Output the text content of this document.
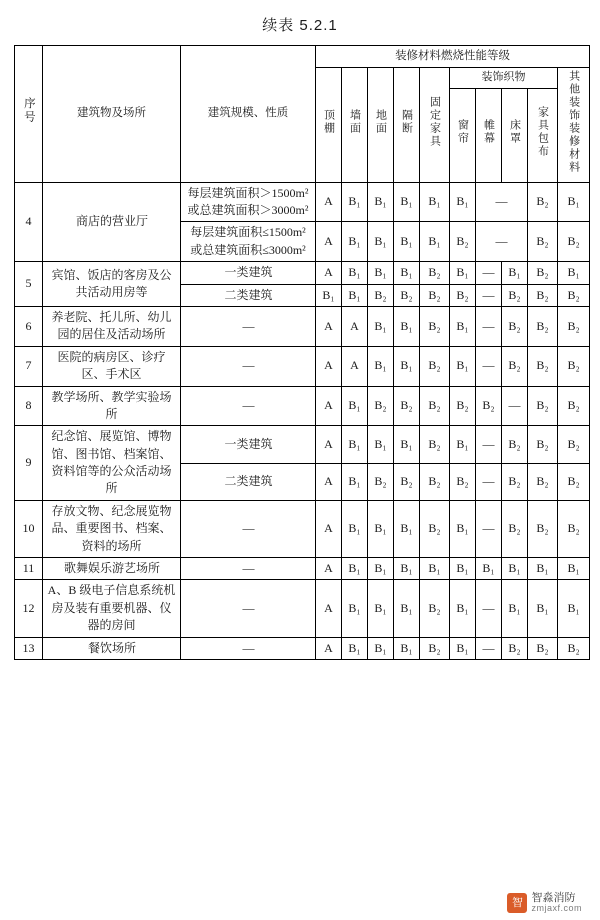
续表 5.2.1
序号	建筑物及场所	建筑规模、性质	装修材料燃烧性能等级									
			顶棚	墙面	地面	隔断	固定家具	装饰织物				其他装饰装修材料
								窗帘	帷幕	床罩	家具包布	

4	商店的营业厅	每层建筑面积＞1500m² 或总建筑面积＞3000m²	A	B₁	B₁	B₁	B₁	B₁	—		B₂	B₁
		每层建筑面积≤1500m² 或总建筑面积≤3000m²	A	B₁	B₁	B₁	B₁	B₂	—		B₂	B₂
5	宾馆、饭店的客房及公共活动用房等	一类建筑	A	B₁	B₁	B₁	B₂	B₁	—	B₁	B₂	B₁
		二类建筑	B₁	B₁	B₂	B₂	B₂	B₂	—	B₂	B₂	B₂
6	养老院、托儿所、幼儿园的居住及活动场所	—	A	A	B₁	B₁	B₂	B₁	—	B₂	B₂	B₂
7	医院的病房区、诊疗区、手术区	—	A	A	B₁	B₁	B₂	B₁	—	B₂	B₂	B₂
8	教学场所、教学实验场所	—	A	B₁	B₂	B₂	B₂	B₂	B₂	—	B₂	B₂
9	纪念馆、展览馆、博物馆、图书馆、档案馆、资料馆等的公众活动场所	一类建筑	A	B₁	B₁	B₁	B₂	B₁	—	B₂	B₂	B₂
		二类建筑	A	B₁	B₂	B₂	B₂	B₂	—	B₂	B₂	B₂
10	存放文物、纪念展览物品、重要图书、档案、资料的场所	—	A	B₁	B₁	B₁	B₂	B₁	—	B₂	B₂	B₂
11	歌舞娱乐游艺场所	—	A	B₁	B₁	B₁	B₁	B₁	B₁	B₁	B₁	B₁
12	A、B 级电子信息系统机房及装有重要机器、仪器的房间	—	A	B₁	B₁	B₁	B₂	B₁	—	B₁	B₁	B₁
13	餐饮场所	—	A	B₁	B₁	B₁	B₂	B₁	—	B₂	B₂	B₂
智 智淼消防
zmjaxf.com
